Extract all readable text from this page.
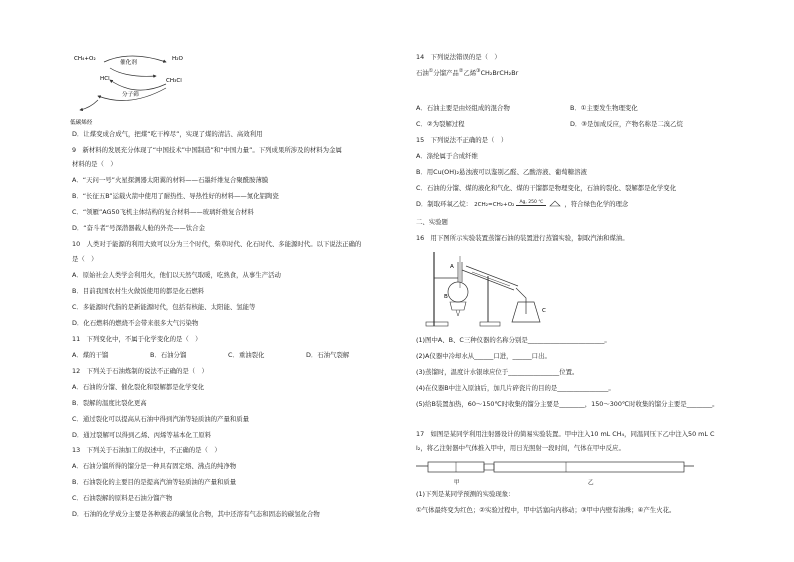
CH₄+O₂
催化剂
H₂O
HCl	CH₃Cl
分子筛
低碳烯烃
D．让煤变成合成气，把煤“吃干榨尽”，实现了煤的清洁、高效利用
9　新材料的发展充分体现了“中国技术”中国制造”和“中国力量”。下列成果所涉及的材料为金属
材料的是（　）
A．“天问一号”火星探测器太阳翼的材料——石墨纤维复合聚酰胺薄膜
B．“长征五B”运载火箭中使用了耐热性、导热性好的材料——氮化铝陶瓷
C．“领雁”AG50飞机主体结构的复合材料——玻璃纤维复合材料
D．“奋斗者”号深潜器载人舱的外壳——钛合金
10　人类对于能源的利用大致可以分为三个时代，柴草时代、化石时代、多能源时代。以下说法正确的
是（　）
A．原始社会人类学会利用火，他们以天然气取暖，吃熟食，从事生产活动
B．目前我国农村生火做饭使用的都是化石燃料
C．多能源时代指的是新能源时代，包括有核能、太阳能、氢能等
D．化石燃料的燃烧不会带来很多大气污染物
11　下列变化中，不属于化学变化的是（　）
A．煤的干馏	B．石油分馏	C．重油裂化	D．石油气裂解
12　下列关于石油炼制的说法不正确的是（　）
A．石油的分馏、催化裂化和裂解都是化学变化
B．裂解的温度比裂化更高
C．通过裂化可以提高从石油中得到汽油等轻质油的产量和质量
D．通过裂解可以得到乙烯、丙烯等基本化工原料
13　下列关于石油加工的叙述中，不正确的是（　）
A．石油分馏所得的馏分是一种具有固定熔、沸点的纯净物
B．石油裂化的主要目的是提高汽油等轻质油的产量和质量
C．石油裂解的原料是石油分馏产物
D．石油的化学成分主要是各种液态的碳氢化合物，其中还溶有气态和固态的碳氢化合物
14　下列说法错误的是（　）
石油①分馏产品②乙烯③CH₂BrCH₂Br
A．石油主要是由烃组成的混合物	B．①主要发生物理变化
C．②为裂解过程	D．③是加成反应，产物名称是二溴乙烷
15　下列说法不正确的是（　）
A．涤纶属于合成纤维
B．用Cu(OH)₂悬浊液可以鉴别乙醛、乙酸溶液、葡萄糖溶液
C．石油的分馏、煤的液化和气化、煤的干馏都是物理变化，石油的裂化、裂解都是化学变化
D．制取环氧乙烷： 2CH₂=CH₂+O₂ $^{Ag, 250 ℃}$	，符合绿色化学的理念
二、实验题
16　用下图所示实验装置蒸馏石油的装置进行蒸馏实验，制取汽油和煤油。
A
B
C
(1)图中A、B、C三种仪器的名称分别是________________________。
(2)A仪器中冷却水从______口进，______口出。
(3)蒸馏时，温度计水银球应位于________________位置。
(4)在仪器B中注入原油后，加几片碎瓷片的目的是________________。
(5)给B装置加热，60～150℃时收集的馏分主要是________，150～300℃时收集的馏分主要是________。
17　如图是某同学利用注射器设计的简易实验装置。甲中注入10 mL CH₄，同温同压下乙中注入50 mL C
l₂，将乙注射器中气体推入甲中，用日光照射一段时间，气体在甲中反应。
甲	乙
(1)下列是某同学预测的实验现象：
①气体最终变为红色；②实验过程中，甲中活塞向内移动；③甲中内壁有油珠；④产生火花。
